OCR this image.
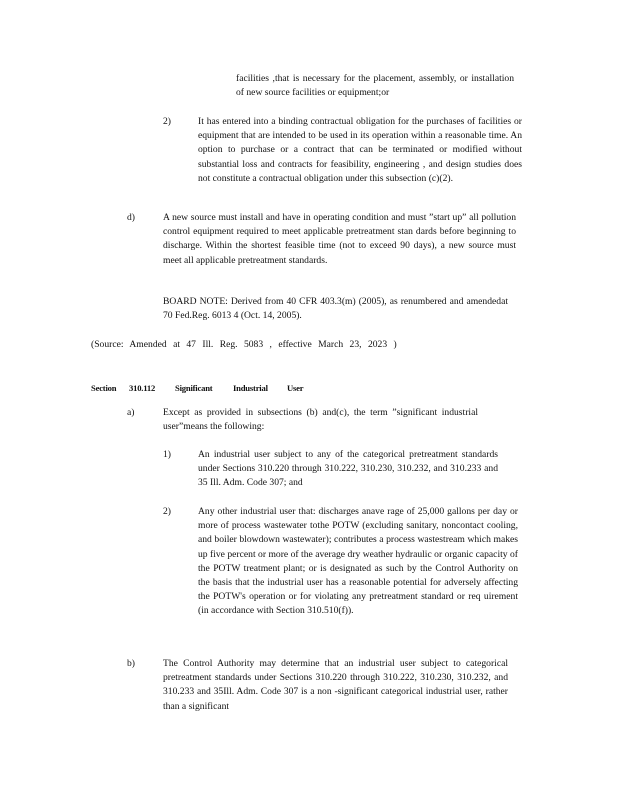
facilities ,that is necessary for the placement, assembly, or installation of new source facilities or equipment;or

2)	It has entered into a binding contractual obligation for the purchases of facilities or equipment that are intended to be used in its operation within a reasonable time. An option to purchase or a contract that can be terminated or modified without substantial loss and contracts for feasibility, engineering , and design studies does not constitute a contractual obligation under this subsection (c)(2).

d)	A new source must install and have in operating condition and must ”start up” all pollution control equipment required to meet applicable pretreatment stan dards before beginning to discharge. Within the shortest feasible time (not to exceed 90 days), a new source must meet all applicable pretreatment standards.

BOARD NOTE: Derived from 40 CFR 403.3(m) (2005), as renumbered and amendedat 70 Fed.Reg. 6013 4 (Oct. 14, 2005).

(Source: Amended at 47 Ill. Reg. 5083 , effective March 23, 2023 )

Section 310.112 Significant Industrial User

a)	Except as provided in subsections (b) and(c), the term ”significant industrial user”means the following:

1)	An industrial user subject to any of the categorical pretreatment standards under Sections 310.220 through 310.222, 310.230, 310.232, and 310.233 and 35 Ill. Adm. Code 307; and

2)	Any other industrial user that: discharges anave rage of 25,000 gallons per day or more of process wastewater tothe POTW (excluding sanitary, noncontact cooling, and boiler blowdown wastewater); contributes a process wastestream which makes up five percent or more of the average dry weather hydraulic or organic capacity of the POTW treatment plant; or is designated as such by the Control Authority on the basis that the industrial user has a reasonable potential for adversely affecting the POTW's operation or for violating any pretreatment standard or req uirement (in accordance with Section 310.510(f)).

b)	The Control Authority may determine that an industrial user subject to categorical pretreatment standards under Sections 310.220 through 310.222, 310.230, 310.232, and 310.233 and 35Ill. Adm. Code 307 is a non -significant categorical industrial user, rather than a significant
